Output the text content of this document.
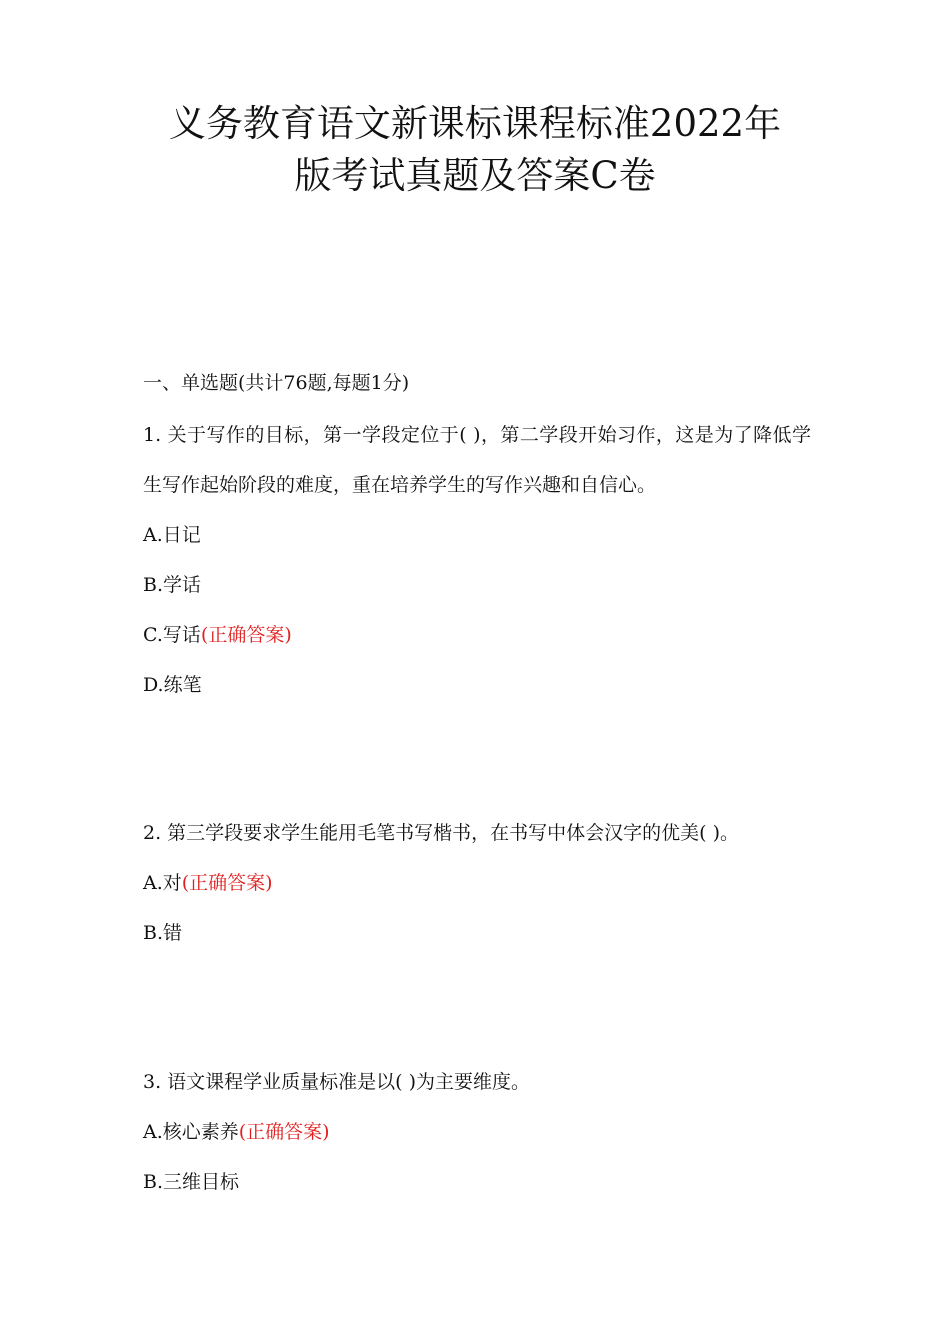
义务教育语文新课标课程标准2022年
版考试真题及答案C卷

一、单选题(共计76题,每题1分)

1. 关于写作的目标，第一学段定位于( )，第二学段开始习作，这是为了降低学生写作起始阶段的难度，重在培养学生的写作兴趣和自信心。

A.日记
B.学话
C.写话(正确答案)
D.练笔

2. 第三学段要求学生能用毛笔书写楷书，在书写中体会汉字的优美( )。

A.对(正确答案)
B.错

3. 语文课程学业质量标准是以( )为主要维度。

A.核心素养(正确答案)
B.三维目标
